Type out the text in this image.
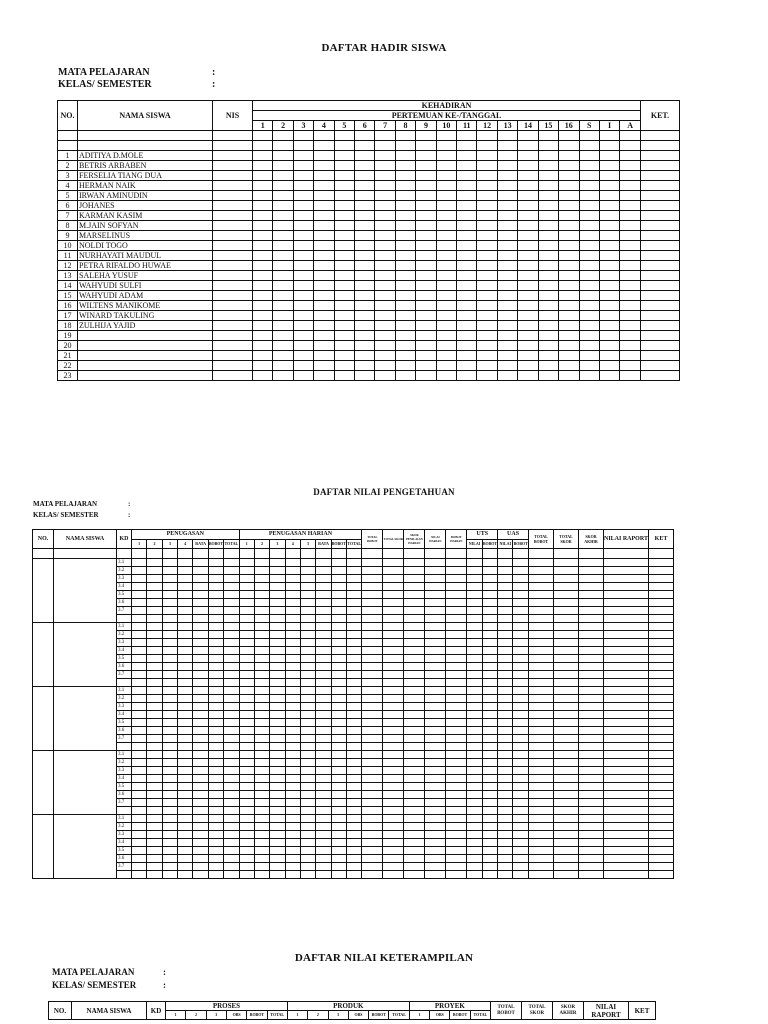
DAFTAR HADIR SISWA
MATA PELAJARAN
KELAS/ SEMESTER
:
:
NO.	NAMA SISWA	NIS	KEHADIRAN																			KET.
			PERTEMUAN KE-/TANGGAL																			
			1	2	3	4	5	6	7	8	9	10	11	12	13	14	15	16	S	I	A	

1	ADITIYA D.MOLE																					
2	BETRIS ARBABEN																					
3	FERSELIA TIANG DUA																					
4	HERMAN NAIK																					
5	IRWAN AMINUDIN																					
6	JOHANES																					
7	KARMAN KASIM																					
8	M.JAIN SOFYAN																					
9	MARSELINUS																					
10	NOLDI TOGO																					
11	NURHAYATI MAUDUL																					
12	PETRA RIFALDO HUWAE																					
13	SALEHA YUSUF																					
14	WAHYUDI SULFI																					
15	WAHYUDI ADAM																					
16	WILTENS MANIKOME																					
17	WINARD TAKULING																					
18	ZULHIJA YAJID																					
19																						
20																						
21																						
22																						
23																						
DAFTAR NILAI PENGETAHUAN
MATA PELAJARAN
KELAS/ SEMESTER
:
:
NO.	NAMA SISWA	KD	PENUGASAN							PENUGASAN HARIAN								TOTAL BOBOT	TOTAL SKOR	SKOR PENILAIAN HARIAN	NILAI HARIAN	BOBOT HARIAN	UTS		UAS		TOTAL BOBOT	TOTAL SKOR	SKOR AKHIR	NILAI RAPORT	KET
			1	2	3	4	RATA	BOBOT	TOTAL	1	2	3	4	5	RATA	BOBOT	TOTAL						NILAI	BOBOT	NILAI	BOBOT					

		3.1																													
		3.2																													
		3.3																													
		3.4																													
		3.5																													
		3.6																													
		3.7																													

		3.1																													
		3.2																													
		3.3																													
		3.4																													
		3.5																													
		3.6																													
		3.7																													

		3.1																													
		3.2																													
		3.3																													
		3.4																													
		3.5																													
		3.6																													
		3.7																													

		3.1																													
		3.2																													
		3.3																													
		3.4																													
		3.5																													
		3.6																													
		3.7																													

		3.1																													
		3.2																													
		3.3																													
		3.4																													
		3.5																													
		3.6																													
		3.7																													

DAFTAR NILAI KETERAMPILAN
MATA PELAJARAN
KELAS/ SEMESTER
:
:
NO.	NAMA SISWA	KD	PROSES						PRODUK						PROYEK				TOTAL BOBOT	TOTAL SKOR	SKOR AKHIR	NILAI RAPORT	KET
			1	2	3	OBS	BOBOT	TOTAL	1	2	3	OBS	BOBOT	TOTAL	1	OBS	BOBOT	TOTAL					
